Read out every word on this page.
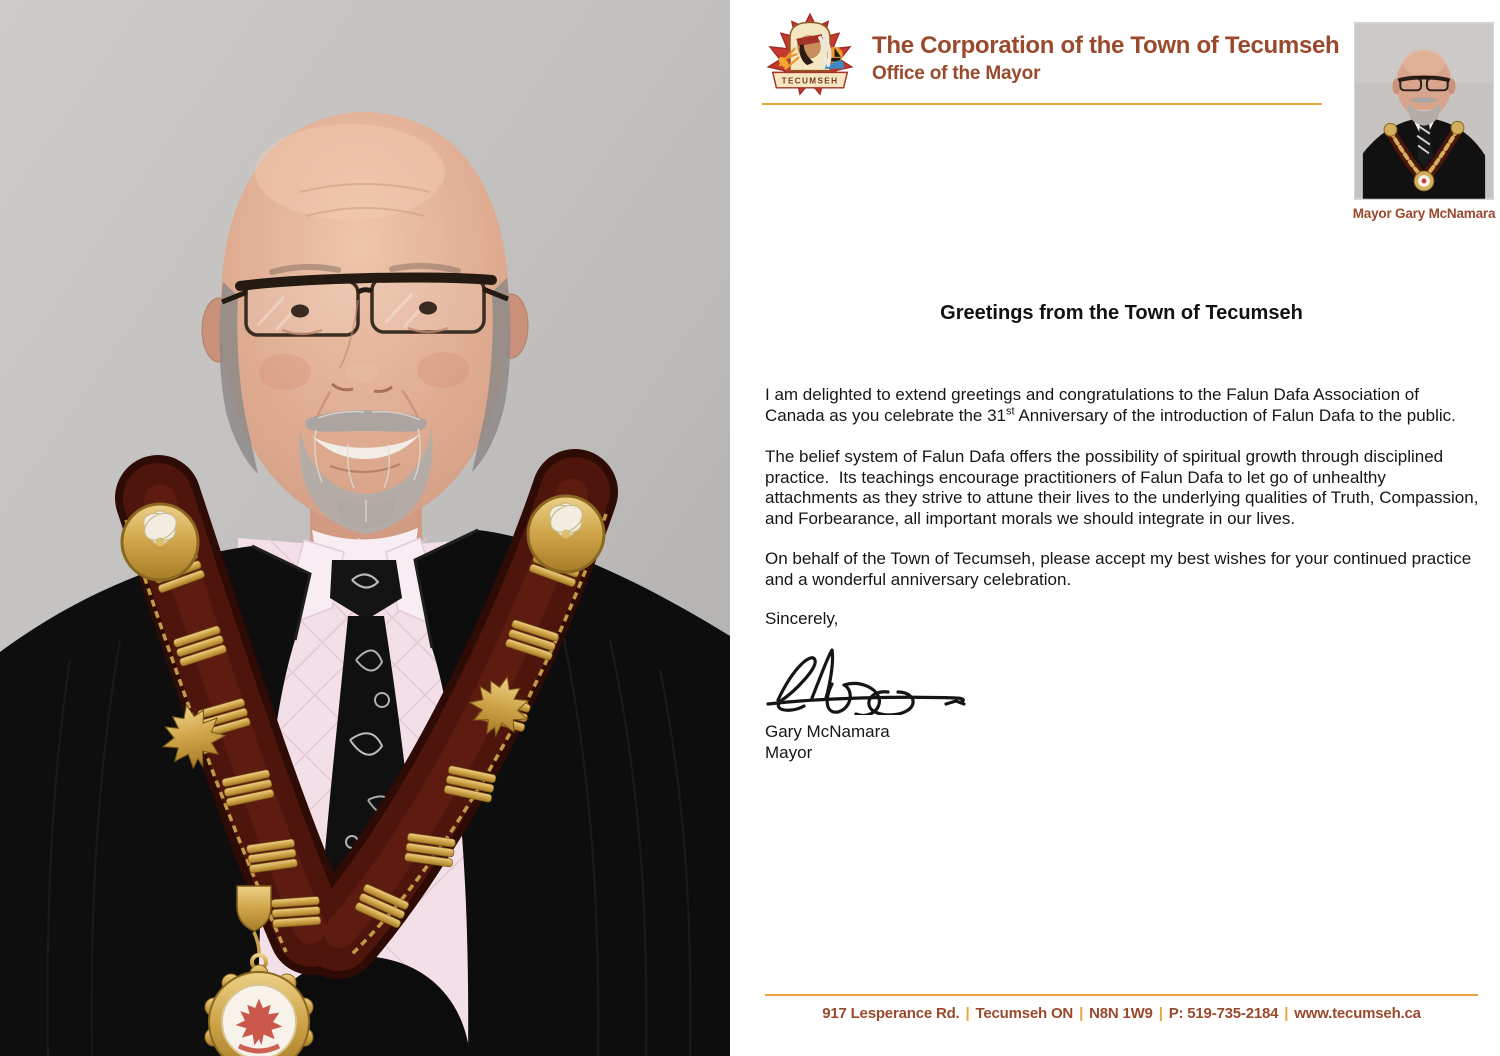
TECUMSEH
The Corporation of the Town of Tecumseh
Office of the Mayor
Mayor Gary McNamara
Greetings from the Town of Tecumseh

I am delighted to extend greetings and congratulations to the Falun Dafa Association of Canada as you celebrate the 31st Anniversary of the introduction of Falun Dafa to the public.

The belief system of Falun Dafa offers the possibility of spiritual growth through disciplined practice.  Its teachings encourage practitioners of Falun Dafa to let go of unhealthy attachments as they strive to attune their lives to the underlying qualities of Truth, Compassion, and Forbearance, all important morals we should integrate in our lives.

On behalf of the Town of Tecumseh, please accept my best wishes for your continued practice and a wonderful anniversary celebration.

Sincerely,

Gary McNamara
Mayor
917 Lesperance Rd. | Tecumseh ON | N8N 1W9 | P: 519-735-2184 | www.tecumseh.ca
